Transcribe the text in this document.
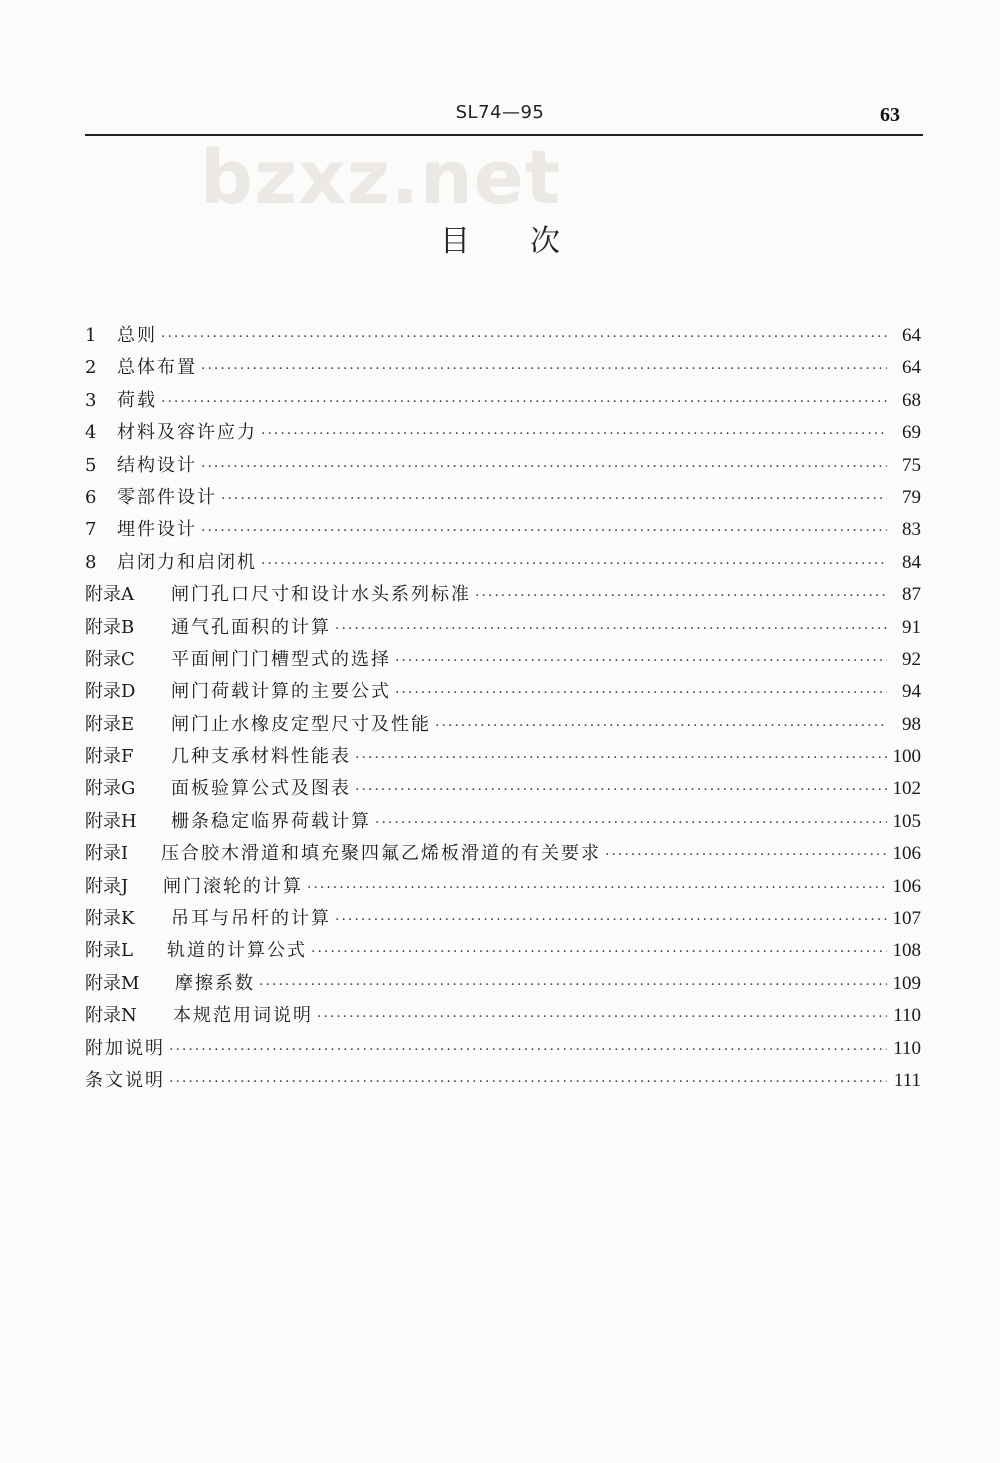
bzxz.net
SL74—95	63
目次
1	总则 ·····	64
2	总体布置 ·····	64
3	荷载 ·····	68
4	材料及容许应力 ·····	69
5	结构设计 ·····	75
6	零部件设计 ·····	79
7	埋件设计 ·····	83
8	启闭力和启闭机 ·····	84
附录A	闸门孔口尺寸和设计水头系列标准 ·····	87
附录B	通气孔面积的计算 ·····	91
附录C	平面闸门门槽型式的选择 ·····	92
附录D	闸门荷载计算的主要公式 ·····	94
附录E	闸门止水橡皮定型尺寸及性能 ·····	98
附录F	几种支承材料性能表 ·····	100
附录G	面板验算公式及图表 ·····	102
附录H	栅条稳定临界荷载计算 ·····	105
附录I	压合胶木滑道和填充聚四氟乙烯板滑道的有关要求 ·····	106
附录J	闸门滚轮的计算 ·····	106
附录K	吊耳与吊杆的计算 ·····	107
附录L	轨道的计算公式 ·····	108
附录M	摩擦系数 ·····	109
附录N	本规范用词说明 ·····	110
附加说明 ·····	110
条文说明 ·····	111
